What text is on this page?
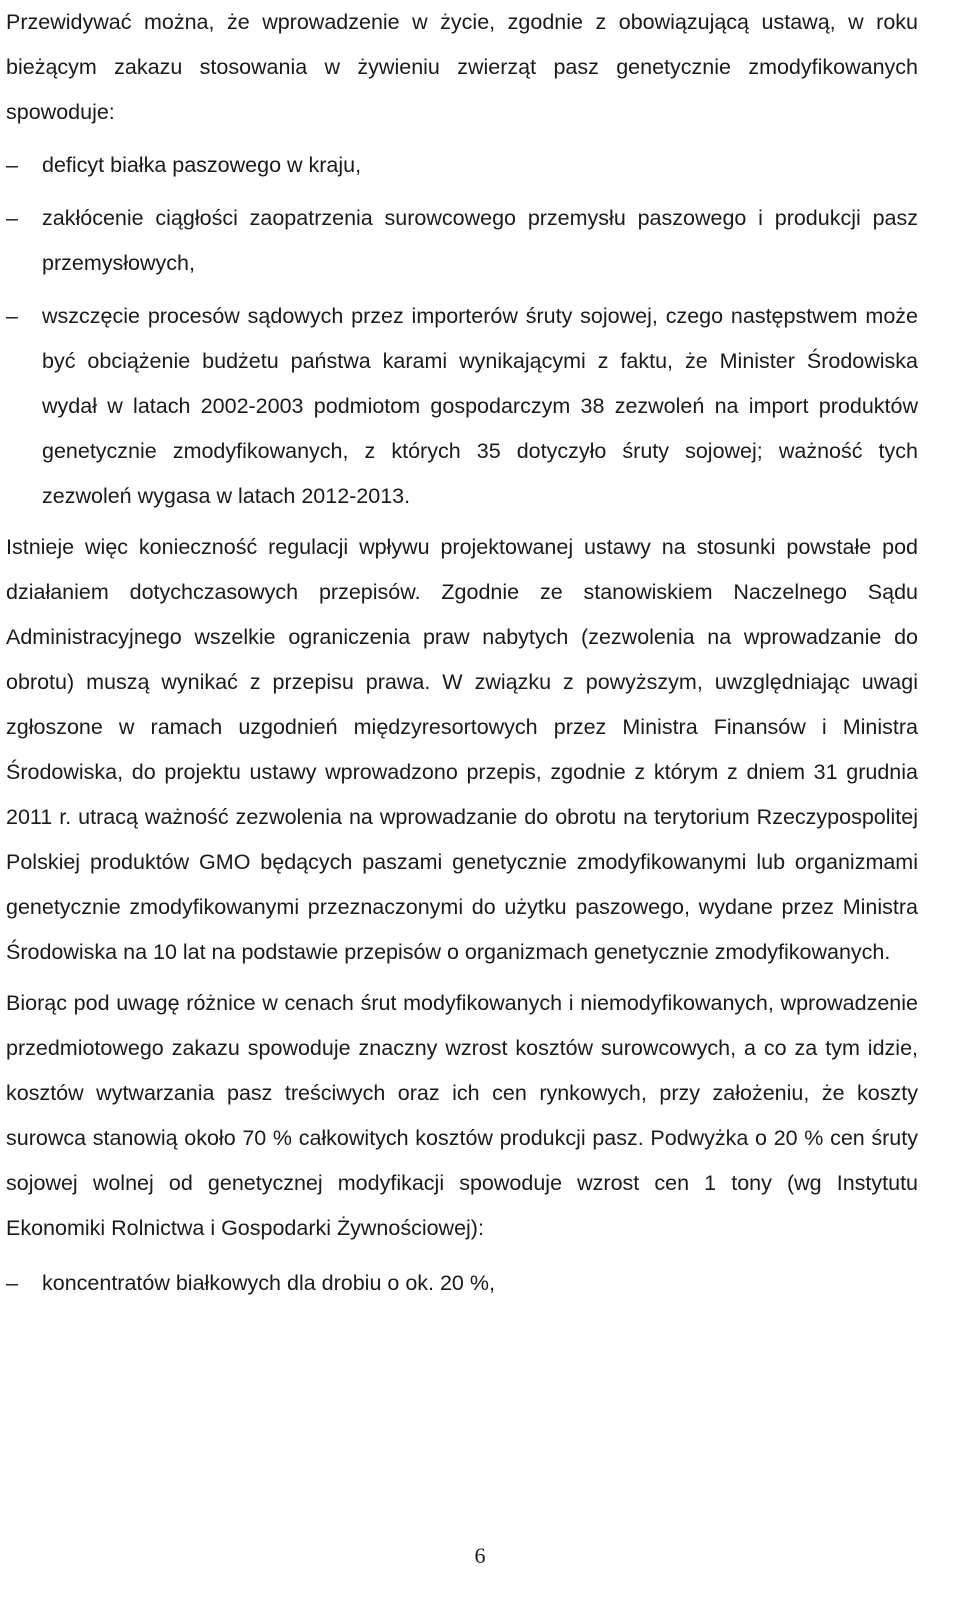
Przewidywać można, że wprowadzenie w życie, zgodnie z obowiązującą ustawą, w roku bieżącym zakazu stosowania w żywieniu zwierząt pasz genetycznie zmodyfikowanych spowoduje:

–	deficyt białka paszowego w kraju,
–	zakłócenie ciągłości zaopatrzenia surowcowego przemysłu paszowego i produkcji pasz przemysłowych,
–	wszczęcie procesów sądowych przez importerów śruty sojowej, czego następstwem może być obciążenie budżetu państwa karami wynikającymi z faktu, że Minister Środowiska wydał w latach 2002-2003 podmiotom gospodarczym 38 zezwoleń na import produktów genetycznie zmodyfikowanych, z których 35 dotyczyło śruty sojowej; ważność tych zezwoleń wygasa w latach 2012-2013.

Istnieje więc konieczność regulacji wpływu projektowanej ustawy na stosunki powstałe pod działaniem dotychczasowych przepisów. Zgodnie ze stanowiskiem Naczelnego Sądu Administracyjnego wszelkie ograniczenia praw nabytych (zezwolenia na wprowadzanie do obrotu) muszą wynikać z przepisu prawa. W związku z powyższym, uwzględniając uwagi zgłoszone w ramach uzgodnień międzyresortowych przez Ministra Finansów i Ministra Środowiska, do projektu ustawy wprowadzono przepis, zgodnie z którym z dniem 31 grudnia 2011 r. utracą ważność zezwolenia na wprowadzanie do obrotu na terytorium Rzeczypospolitej Polskiej produktów GMO będących paszami genetycznie zmodyfikowanymi lub organizmami genetycznie zmodyfikowanymi przeznaczonymi do użytku paszowego, wydane przez Ministra Środowiska na 10 lat na podstawie przepisów o organizmach genetycznie zmodyfikowanych.

Biorąc pod uwagę różnice w cenach śrut modyfikowanych i niemodyfikowanych, wprowadzenie przedmiotowego zakazu spowoduje znaczny wzrost kosztów surowcowych, a co za tym idzie, kosztów wytwarzania pasz treściwych oraz ich cen rynkowych, przy założeniu, że koszty surowca stanowią około 70 % całkowitych kosztów produkcji pasz. Podwyżka o 20 % cen śruty sojowej wolnej od genetycznej modyfikacji spowoduje wzrost cen 1 tony (wg Instytutu Ekonomiki Rolnictwa i Gospodarki Żywnościowej):

–	koncentratów białkowych dla drobiu o ok. 20 %,
6
